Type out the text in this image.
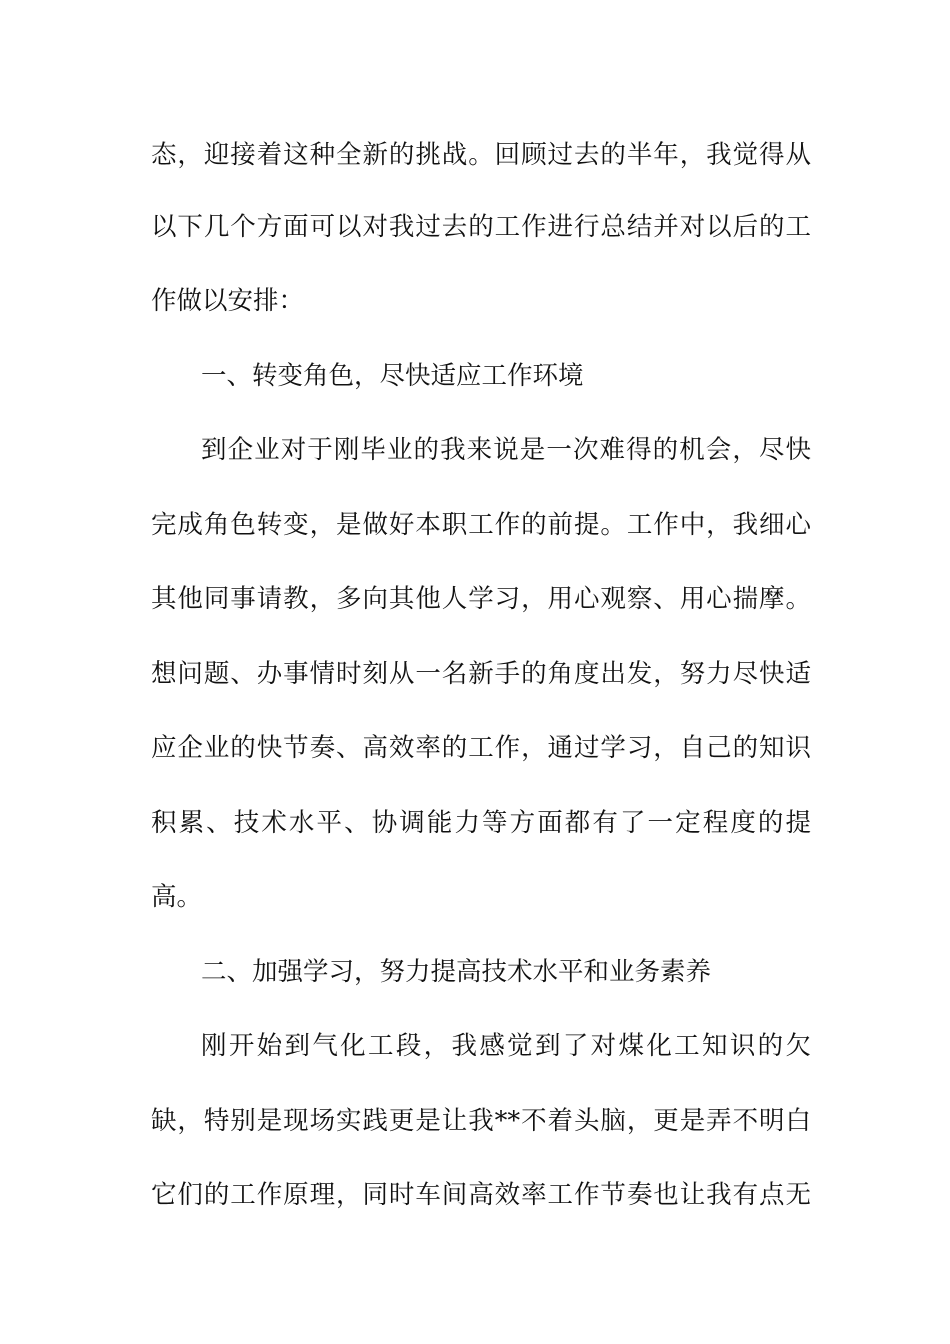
态，迎接着这种全新的挑战。回顾过去的半年，我觉得从
以下几个方面可以对我过去的工作进行总结并对以后的工
作做以安排：
一、转变角色，尽快适应工作环境
到企业对于刚毕业的我来说是一次难得的机会，尽快
完成角色转变，是做好本职工作的前提。工作中，我细心
其他同事请教，多向其他人学习，用心观察、用心揣摩。
想问题、办事情时刻从一名新手的角度出发，努力尽快适
应企业的快节奏、高效率的工作，通过学习，自己的知识
积累、技术水平、协调能力等方面都有了一定程度的提
高。
二、加强学习，努力提高技术水平和业务素养
刚开始到气化工段，我感觉到了对煤化工知识的欠
缺，特别是现场实践更是让我**不着头脑，更是弄不明白
它们的工作原理，同时车间高效率工作节奏也让我有点无
